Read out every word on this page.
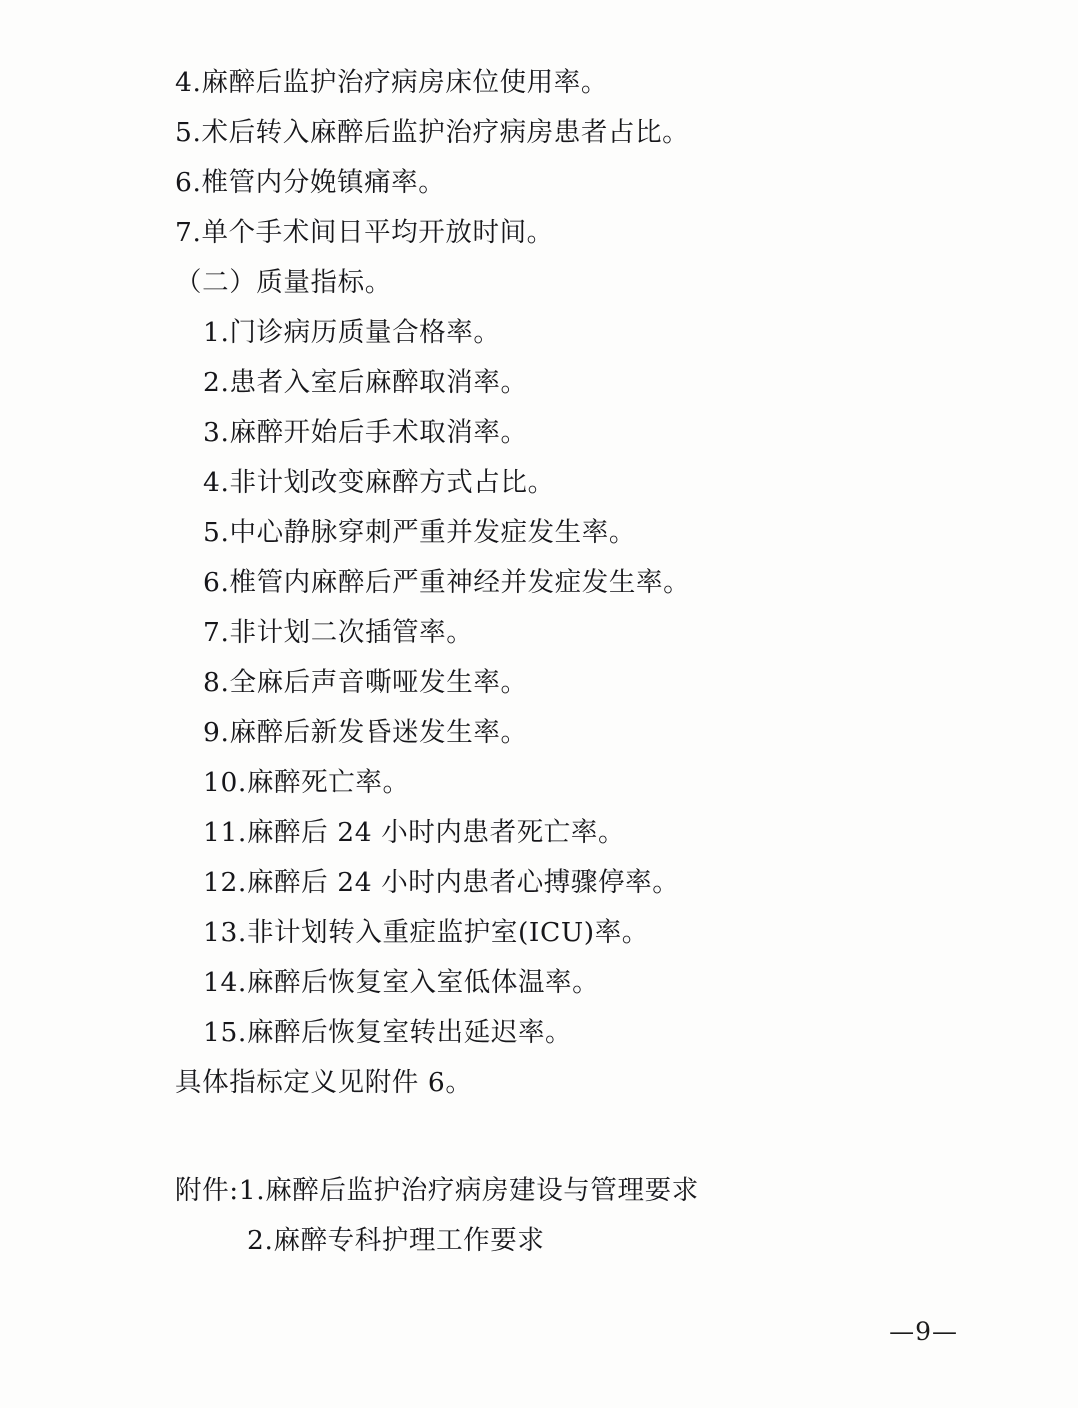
4.麻醉后监护治疗病房床位使用率。
5.术后转入麻醉后监护治疗病房患者占比。
6.椎管内分娩镇痛率。
7.单个手术间日平均开放时间。
（二）质量指标。
1.门诊病历质量合格率。
2.患者入室后麻醉取消率。
3.麻醉开始后手术取消率。
4.非计划改变麻醉方式占比。
5.中心静脉穿刺严重并发症发生率。
6.椎管内麻醉后严重神经并发症发生率。
7.非计划二次插管率。
8.全麻后声音嘶哑发生率。
9.麻醉后新发昏迷发生率。
10.麻醉死亡率。
11.麻醉后 24 小时内患者死亡率。
12.麻醉后 24 小时内患者心搏骤停率。
13.非计划转入重症监护室(ICU)率。
14.麻醉后恢复室入室低体温率。
15.麻醉后恢复室转出延迟率。
具体指标定义见附件 6。
附件:1.麻醉后监护治疗病房建设与管理要求
2.麻醉专科护理工作要求
—9—
